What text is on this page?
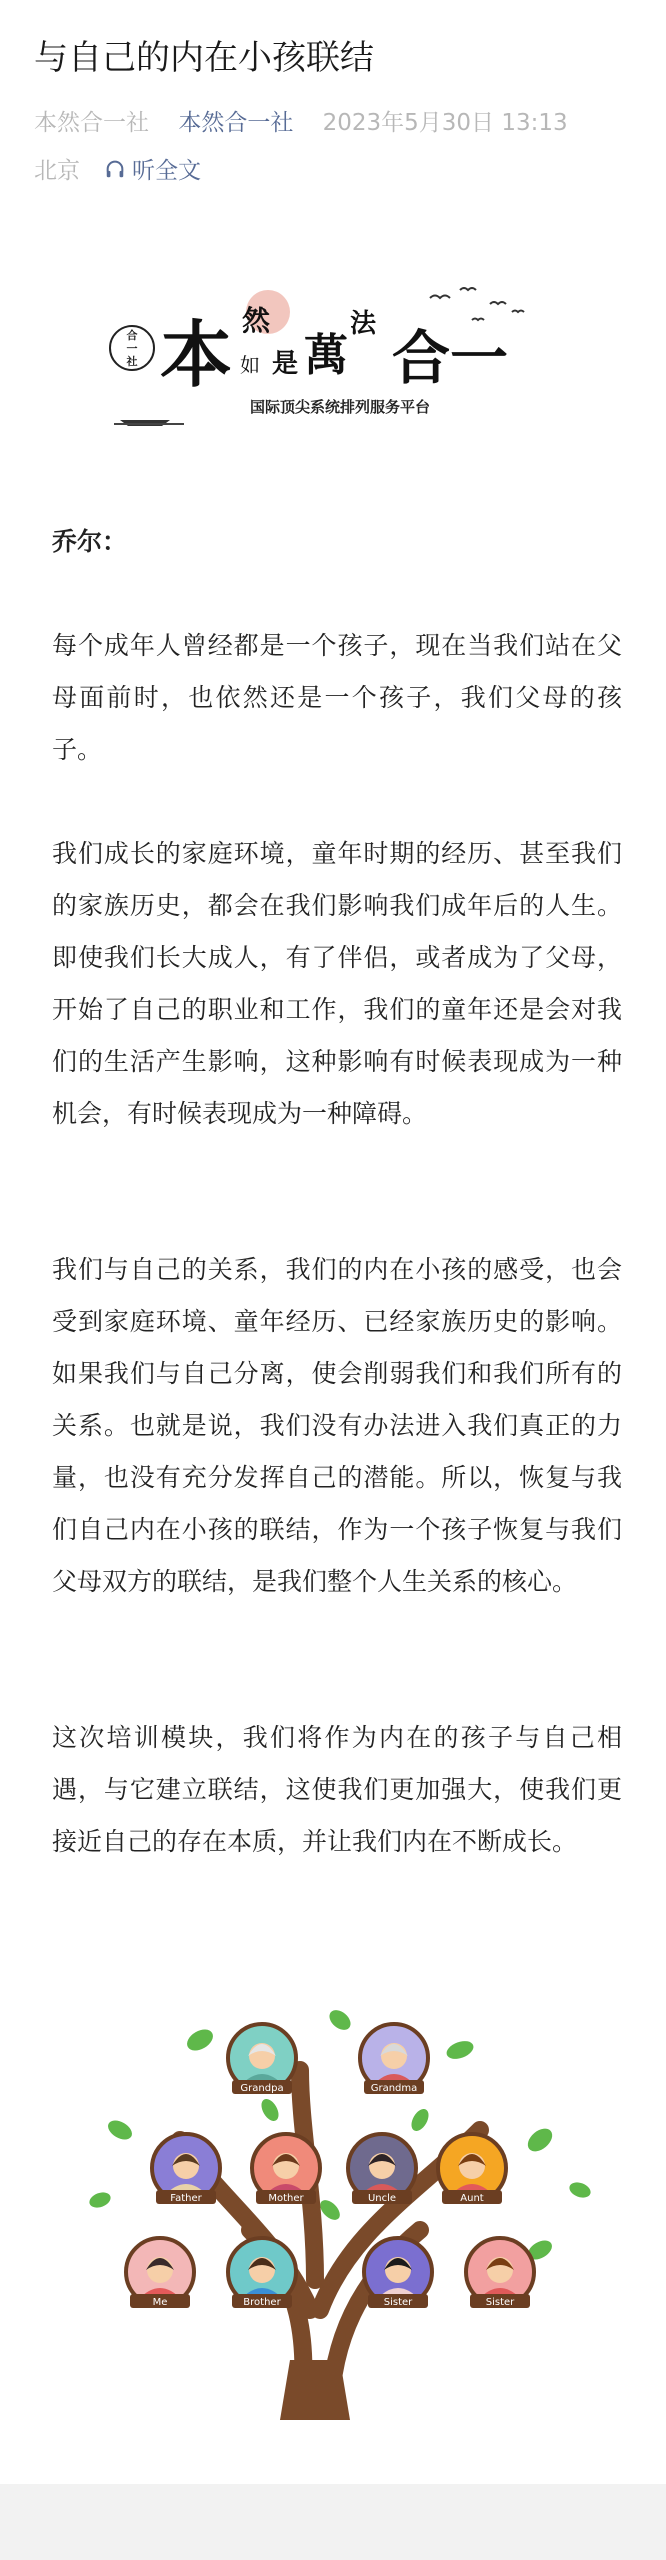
与自己的内在小孩联结
本然合一社 本然合一社 2023年5月30日 13:13
北京 听全文
合
一
社 本 然
如 是 萬
法 合一
国际顶尖系统排列服务平台
乔尔：
每个成年人曾经都是一个孩子，现在当我们站在父母面前时，也依然还是一个孩子，我们父母的孩子。
我们成长的家庭环境，童年时期的经历、甚至我们的家族历史，都会在我们影响我们成年后的人生。即使我们长大成人，有了伴侣，或者成为了父母，开始了自己的职业和工作，我们的童年还是会对我们的生活产生影响，这种影响有时候表现成为一种机会，有时候表现成为一种障碍。
我们与自己的关系，我们的内在小孩的感受，也会受到家庭环境、童年经历、已经家族历史的影响。如果我们与自己分离，使会削弱我们和我们所有的关系。也就是说，我们没有办法进入我们真正的力量，也没有充分发挥自己的潜能。所以，恢复与我们自己内在小孩的联结，作为一个孩子恢复与我们父母双方的联结，是我们整个人生关系的核心。
这次培训模块，我们将作为内在的孩子与自己相遇，与它建立联结，这使我们更加强大，使我们更接近自己的存在本质，并让我们内在不断成长。
Grandpa	Grandma
Father	Mother	Uncle	Aunt
Me	Brother	Sister	Sister
